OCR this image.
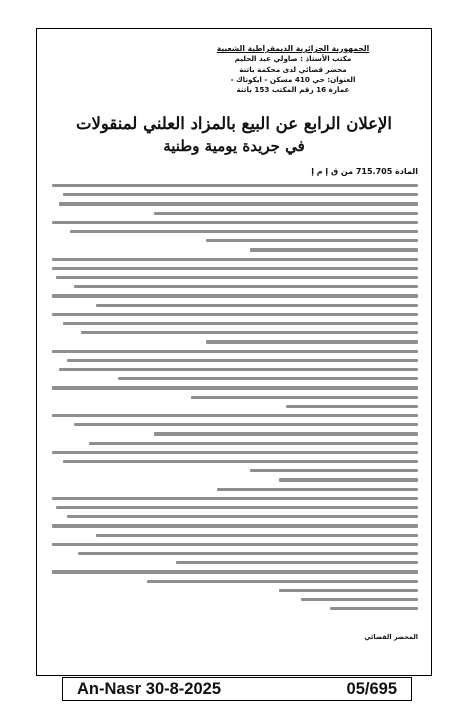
الجمهورية الجزائرية الديمقراطية الشعبية
مكتب الأستاذ : صاولي عبد الحليم
محضر قضائي لدى محكمة باتنة
العنوان: حي 410 مسكن - ايكوتاك -
عمارة 16 رقم المكتب 153 باتنة
الإعلان الرابع عن البيع بالمزاد العلني لمنقولات
في جريدة يومية وطنية
المادة 715.705 من ق إ م إ
المحضر القضائي
An-Nasr 30-8-2025	05/695
